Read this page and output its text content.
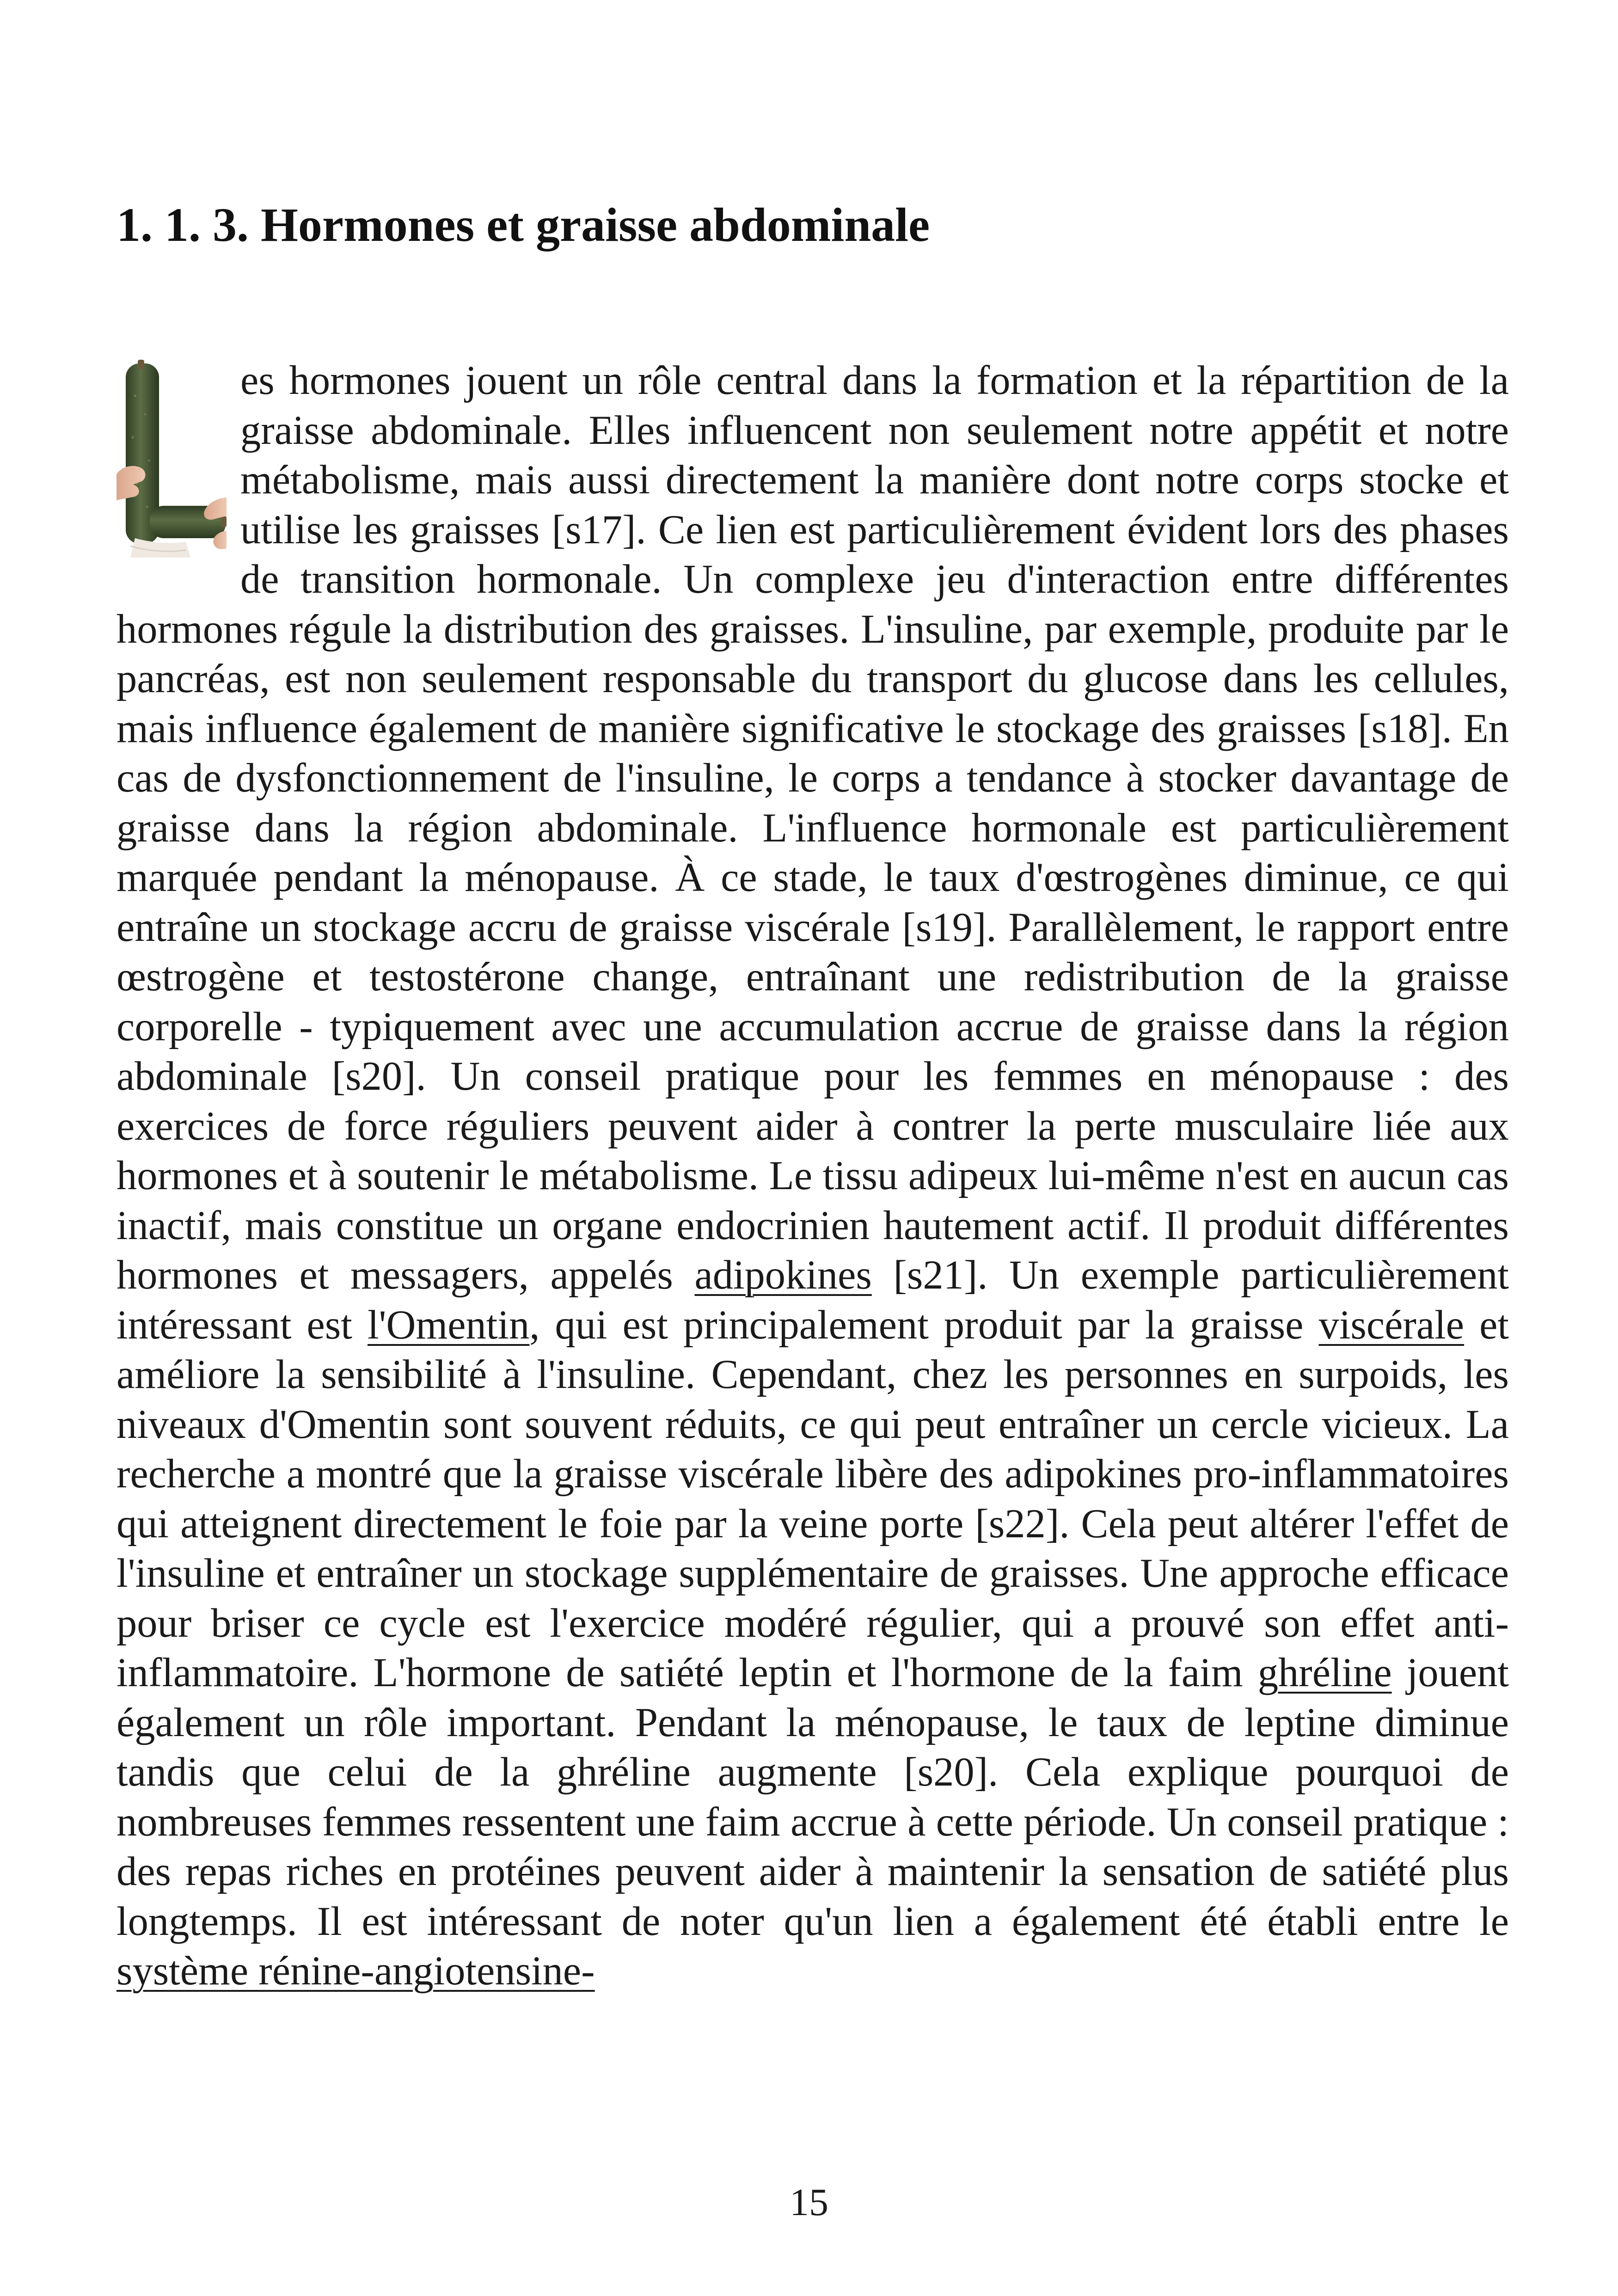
1. 1. 3. Hormones et graisse abdominale

es hormones jouent un rôle central dans la formation et la répartition de la graisse abdominale. Elles influencent non seulement notre appétit et notre métabolisme, mais aussi directement la manière dont notre corps stocke et utilise les graisses [s17]. Ce lien est particulièrement évident lors des phases de transition hormonale. Un complexe jeu d'interaction entre différentes hormones régule la distribution des graisses. L'insuline, par exemple, produite par le pancréas, est non seulement responsable du transport du glucose dans les cellules, mais influence également de manière significative le stockage des graisses [s18]. En cas de dysfonctionnement de l'insuline, le corps a tendance à stocker davantage de graisse dans la région abdominale. L'influence hormonale est particulièrement marquée pendant la ménopause. À ce stade, le taux d'œstrogènes diminue, ce qui entraîne un stockage accru de graisse viscérale [s19]. Parallèlement, le rapport entre œstrogène et testostérone change, entraînant une redistribution de la graisse corporelle - typiquement avec une accumulation accrue de graisse dans la région abdominale [s20]. Un conseil pratique pour les femmes en ménopause : des exercices de force réguliers peuvent aider à contrer la perte musculaire liée aux hormones et à soutenir le métabolisme. Le tissu adipeux lui-même n'est en aucun cas inactif, mais constitue un organe endocrinien hautement actif. Il produit différentes hormones et messagers, appelés adipokines [s21]. Un exemple particulièrement intéressant est l'Omentin, qui est principalement produit par la graisse viscérale et améliore la sensibilité à l'insuline. Cependant, chez les personnes en surpoids, les niveaux d'Omentin sont souvent réduits, ce qui peut entraîner un cercle vicieux. La recherche a montré que la graisse viscérale libère des adipokines pro-inflammatoires qui atteignent directement le foie par la veine porte [s22]. Cela peut altérer l'effet de l'insuline et entraîner un stockage supplémentaire de graisses. Une approche efficace pour briser ce cycle est l'exercice modéré régulier, qui a prouvé son effet anti-inflammatoire. L'hormone de satiété leptin et l'hormone de la faim ghréline jouent également un rôle important. Pendant la ménopause, le taux de leptine diminue tandis que celui de la ghréline augmente [s20]. Cela explique pourquoi de nombreuses femmes ressentent une faim accrue à cette période. Un conseil pratique : des repas riches en protéines peuvent aider à maintenir la sensation de satiété plus longtemps. Il est intéressant de noter qu'un lien a également été établi entre le système rénine-angiotensine-

15
